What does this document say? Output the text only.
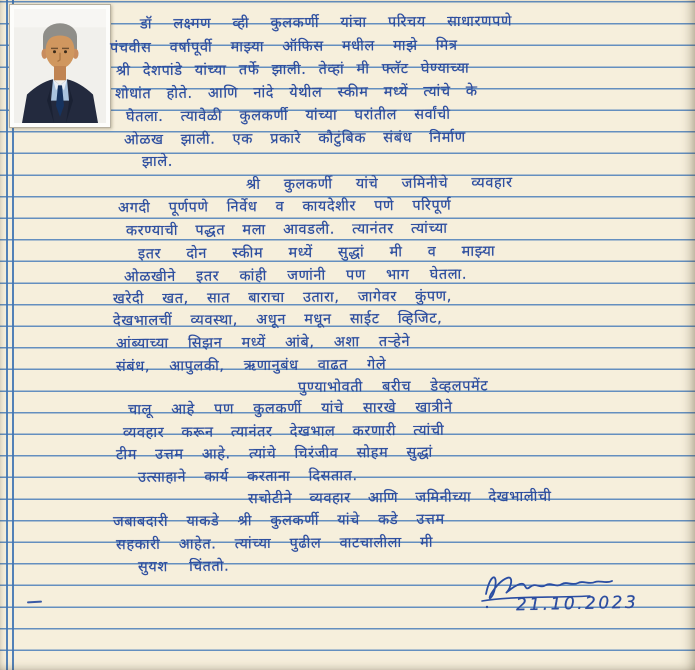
डॉ लक्ष्मण व्ही कुलकर्णी यांचा परिचय साधारणपणे
पंचवीस वर्षापूर्वी माझ्या ऑफिस मधील माझे मित्र
श्री देशपांडे यांच्या तर्फे झाली. तेव्हां मी फ्लॅट घेण्याच्या
शोधांत होते. आणि नांदे येथील स्कीम मध्यें त्यांचे के
घेतला. त्यावेळी कुलकर्णी यांच्या घरांतील सर्वांची
ओळख झाली. एक प्रकारे कौटुंबिक संबंध निर्माण
झाले.
श्री कुलकर्णी यांचे जमिनीचे व्यवहार
अगदी पूर्णपणे निर्वेध व कायदेशीर पणे परिपूर्ण
करण्याची पद्धत मला आवडली. त्यानंतर त्यांच्या
इतर दोन स्कीम मध्यें सुद्धां मी व माझ्या
ओळखीने इतर कांही जणांनी पण भाग घेतला.
खरेदी खत, सात बाराचा उतारा, जागेवर कुंपण,
देखभालचीं व्यवस्था, अधून मधून साईट व्हिजिट,
आंब्याच्या सिझन मध्यें आंबे, अशा तऱ्हेने
संबंध, आपुलकी, ऋणानुबंध वाढत गेले
पुण्याभोवती बरीच डेव्हलपमेंट
चालू आहे पण कुलकर्णी यांचे सारखे खात्रीने
व्यवहार करून त्यानंतर देखभाल करणारी त्यांची
टीम उत्तम आहे. त्यांचे चिरंजीव सोहम सुद्धां
उत्साहाने कार्य करताना दिसतात.
सचोटीने व्यवहार आणि जमिनीच्या देखभालीची
जबाबदारी याकडे श्री कुलकर्णी यांचे कडे उत्तम
सहकारी आहेत. त्यांच्या पुढील वाटचालीला मी
सुयश चिंततो.
21.10.2023
